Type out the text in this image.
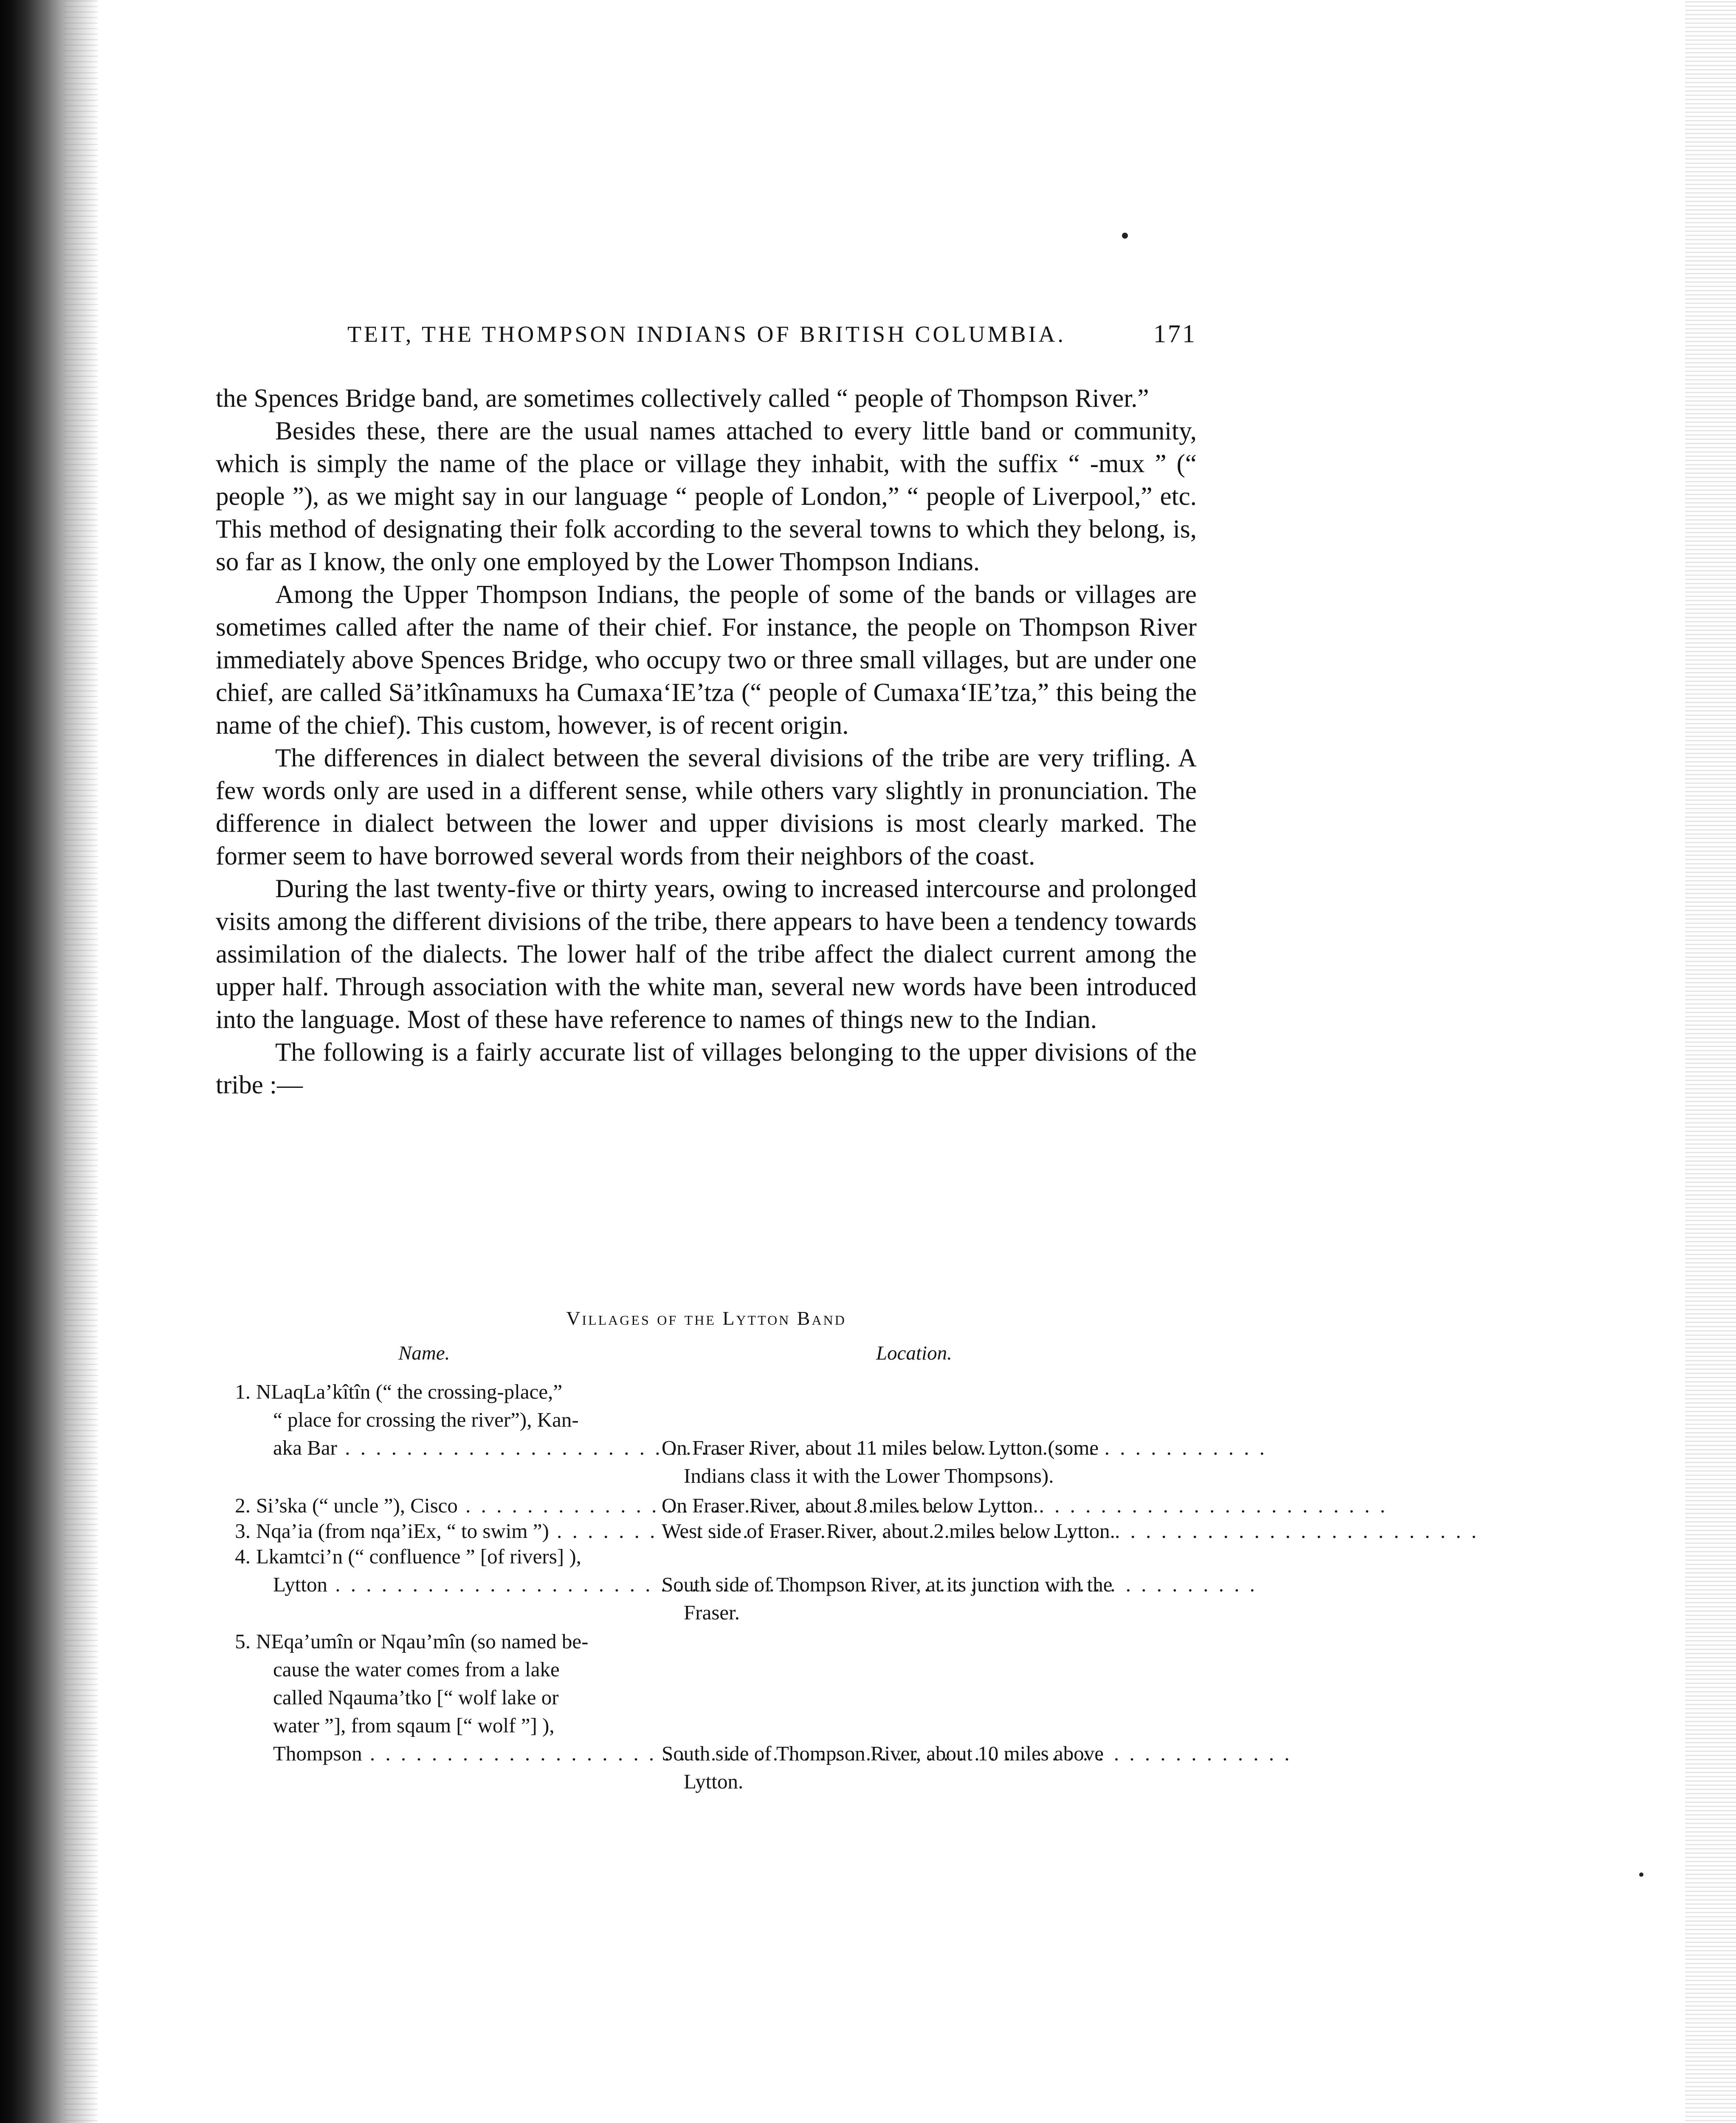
TEIT, THE THOMPSON INDIANS OF BRITISH COLUMBIA.	171

the Spences Bridge band, are sometimes collectively called “ people of Thompson River.”

Besides these, there are the usual names attached to every little band or community, which is simply the name of the place or village they inhabit, with the suffix “ -mux ” (“ people ”), as we might say in our language “ people of London,” “ people of Liverpool,” etc. This method of designating their folk according to the several towns to which they belong, is, so far as I know, the only one employed by the Lower Thompson Indians.

Among the Upper Thompson Indians, the people of some of the bands or villages are sometimes called after the name of their chief. For instance, the people on Thompson River immediately above Spences Bridge, who occupy two or three small villages, but are under one chief, are called Sä’itkînamuxs ha CumaxaʻIE’tza (“ people of CumaxaʻIE’tza,” this being the name of the chief). This custom, however, is of recent origin.

The differences in dialect between the several divisions of the tribe are very trifling. A few words only are used in a different sense, while others vary slightly in pronunciation. The difference in dialect between the lower and upper divisions is most clearly marked. The former seem to have borrowed several words from their neighbors of the coast.

During the last twenty-five or thirty years, owing to increased intercourse and prolonged visits among the different divisions of the tribe, there appears to have been a tendency towards assimilation of the dialects. The lower half of the tribe affect the dialect current among the upper half. Through association with the white man, several new words have been introduced into the language. Most of these have reference to names of things new to the Indian.

The following is a fairly accurate list of villages belonging to the upper divisions of the tribe :—

Villages of the Lytton Band
Name.	Location.
1. NLaqLa’kîtîn (“ the crossing-place,”
“ place for crossing the river”), Kan-
aka Bar . . .	On Fraser River, about 11 miles below Lytton (some
Indians class it with the Lower Thompsons).
2. Si’ska (“ uncle ”), Cisco . . .	On Fraser River, about 8 miles below Lytton.
3. Nqa’ia (from nqa’iEx, “ to swim ”) . . .	West side of Fraser River, about 2 miles below Lytton.
4. Lkamtci’n (“ confluence ” [of rivers] ),
Lytton . . .	South side of Thompson River, at its junction with the
Fraser.
5. NEqa’umîn or Nqau’mîn (so named be-
cause the water comes from a lake
called Nqauma’tko [“ wolf lake or
water ”], from sqaum [“ wolf ”] ),
Thompson . . .	South side of Thompson River, about 10 miles above
Lytton.
